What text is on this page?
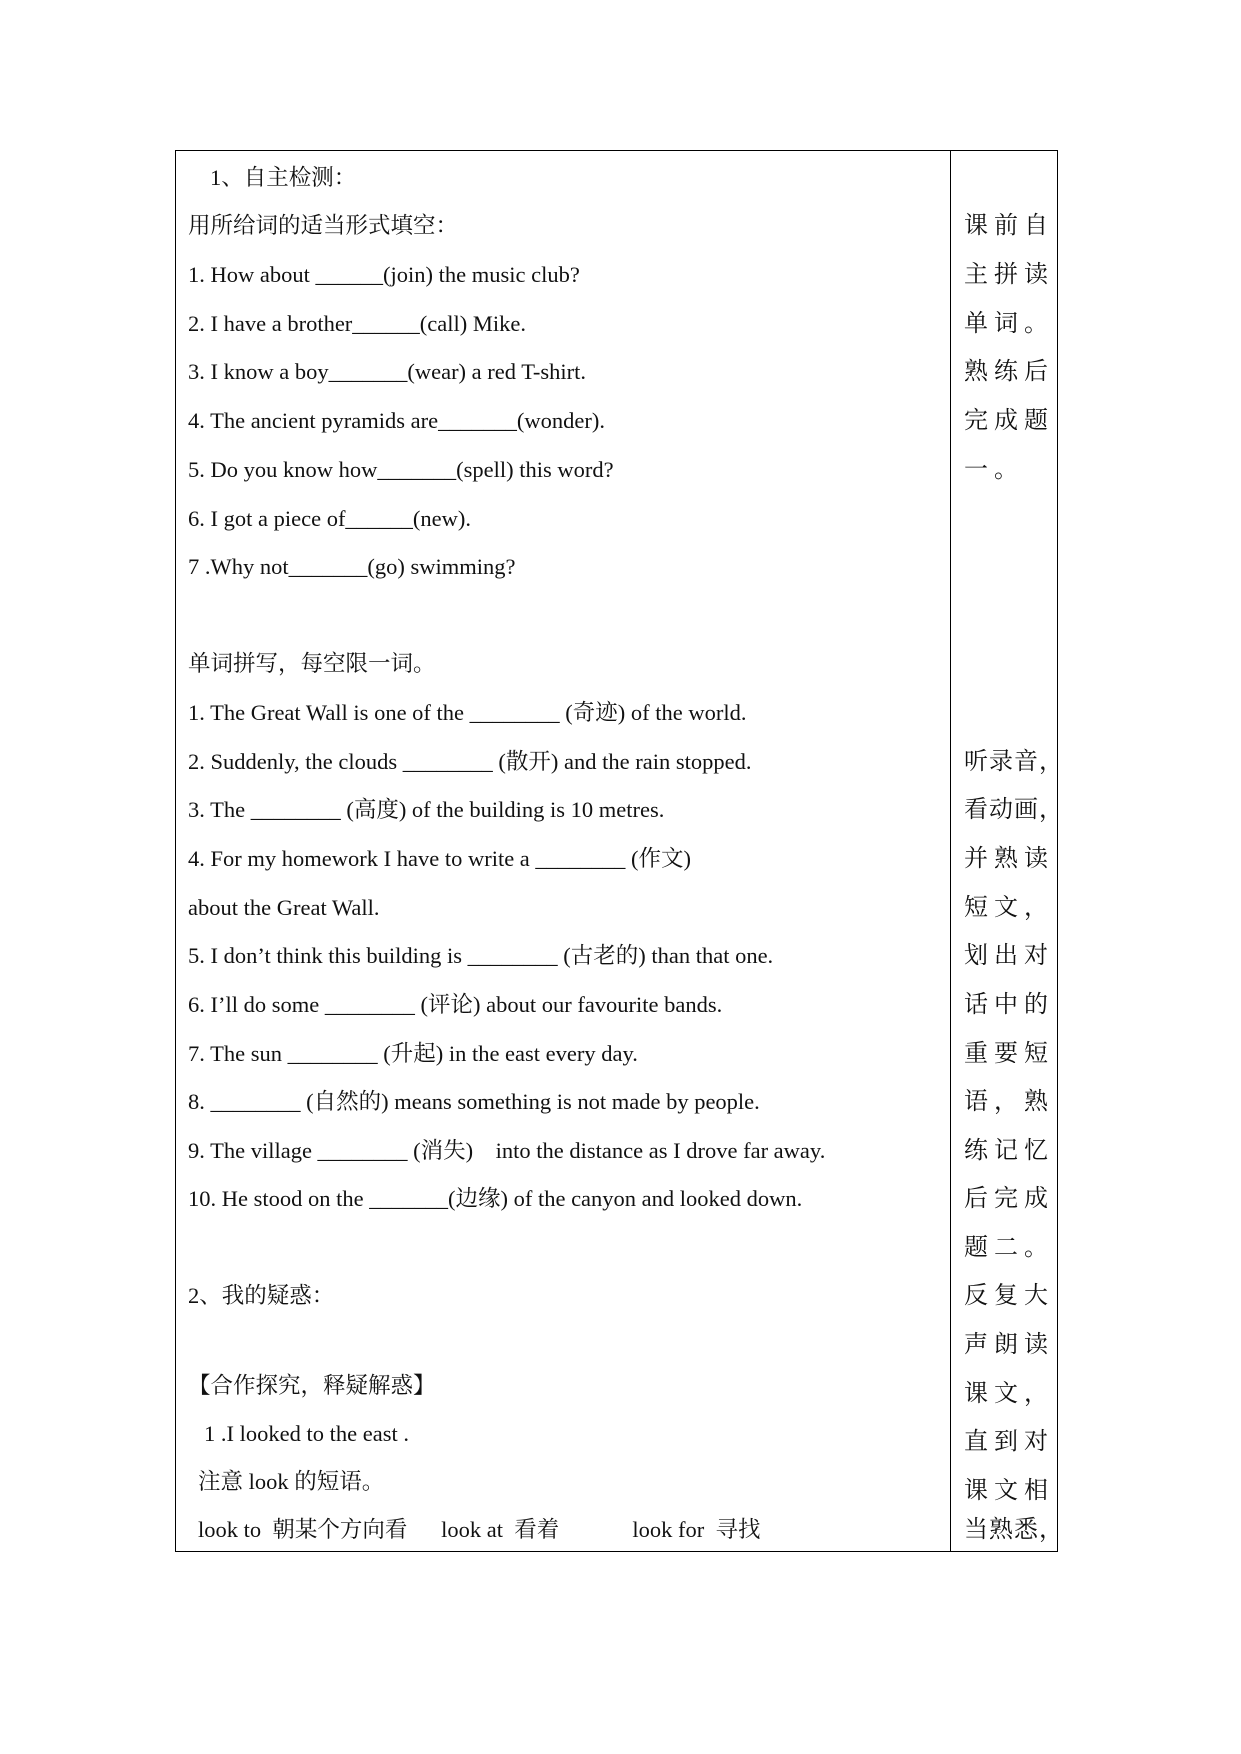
1、自主检测：
用所给词的适当形式填空：
1. How about ______(join) the music club?
2. I have a brother______(call) Mike.
3. I know a boy_______(wear) a red T-shirt.
4. The ancient pyramids are_______(wonder).
5. Do you know how_______(spell) this word?
6. I got a piece of______(new).
7 .Why not_______(go) swimming?
单词拼写，每空限一词。
1. The Great Wall is one of the ________ (奇迹) of the world.
2. Suddenly, the clouds ________ (散开) and the rain stopped.
3. The ________ (高度) of the building is 10 metres.
4. For my homework I have to write a ________ (作文)
about the Great Wall.
5. I don’t think this building is ________ (古老的) than that one.
6. I’ll do some ________ (评论) about our favourite bands.
7. The sun ________ (升起) in the east every day.
8. ________ (自然的) means something is not made by people.
9. The village ________ (消失)    into the distance as I drove far away.
10. He stood on the _______(边缘) of the canyon and looked down.
2、我的疑惑：
【合作探究，释疑解惑】
1 .I looked to the east .
注意 look 的短语。
look to  朝某个方向看      look at  看着             look for  寻找
课前自
主拼读
单词。
熟练后
完成题
一。
听录音，
看动画，
并熟读
短文，
划出对
话中的
重要短
语，熟
练记忆
后完成
题二。
反复大
声朗读
课文，
直到对
课文相
当熟悉，
